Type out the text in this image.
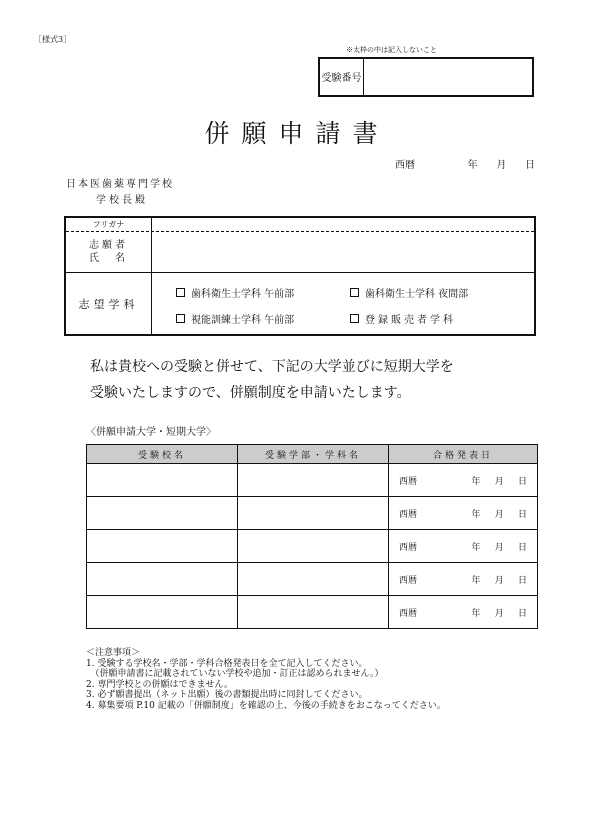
［様式3］
※太枠の中は記入しないこと
受験 番号
併願申請書
西暦	年 月 日
日本医歯薬専門学校
学校長殿
フリガナ
志願者
氏　名
志望学科
歯科衛生士学科 午前部	歯科衛生士学科 夜間部
視能訓練士学科 午前部	登録販売者学科
私は貴校への受験と併せて、下記の大学並びに短期大学を
受験いたしますので、併願制度を申請いたします。
〈併願申請大学・短期大学〉
受験校名	受験学部・学科名	合格発表日

		西暦 年 月 日

		西暦 年 月 日

		西暦 年 月 日

		西暦 年 月 日

		西暦 年 月 日
＜注意事項＞
1. 受験する学校名・学部・学科合格発表日を全て記入してください。
　（併願申請書に記載されていない学校や追加・訂正は認められません。）
2. 専門学校との併願はできません。
3. 必ず願書提出（ネット出願）後の書類提出時に同封してください。
4. 募集要項 P.10 記載の「併願制度」を確認の上、今後の手続きをおこなってください。
